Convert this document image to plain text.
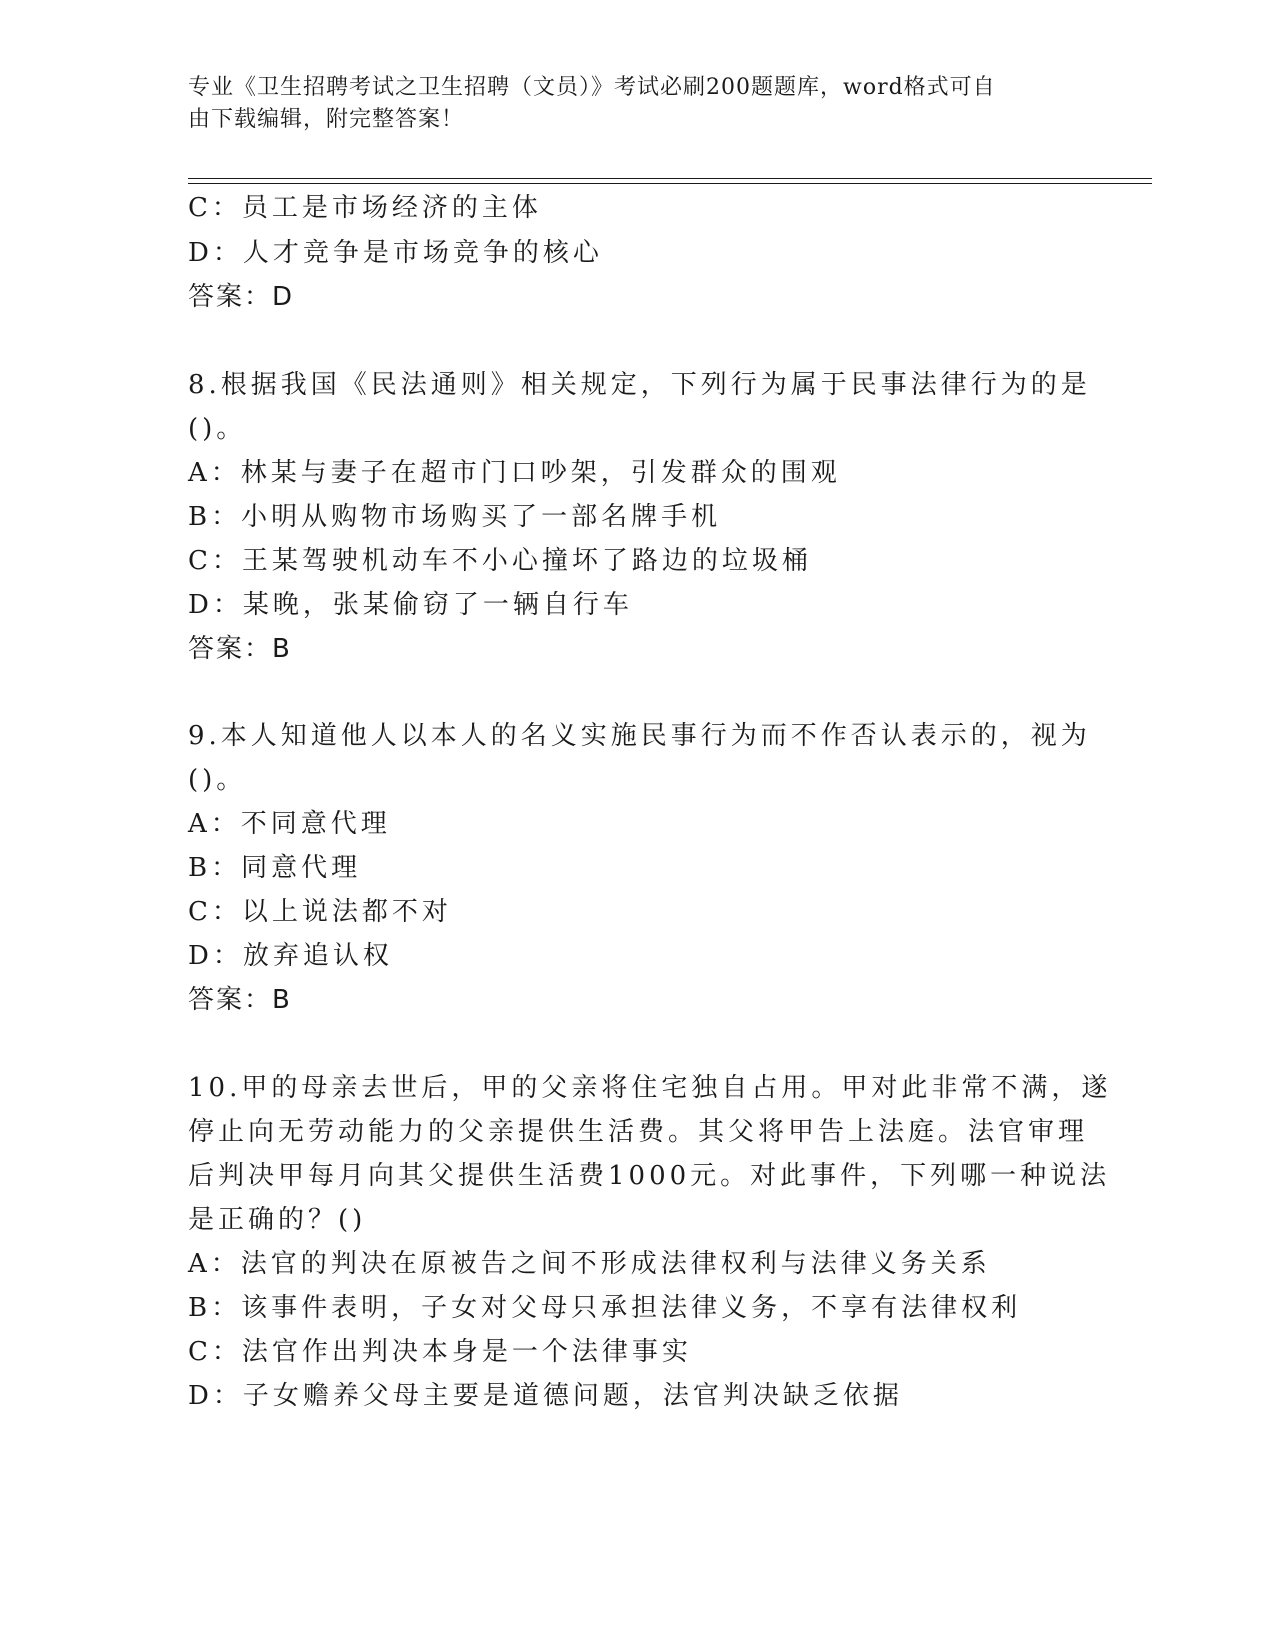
专业《卫生招聘考试之卫生招聘（文员）》考试必刷200题题库，word格式可自
由下载编辑，附完整答案！
C：员工是市场经济的主体
D：人才竞争是市场竞争的核心
答案：D
8.根据我国《民法通则》相关规定，下列行为属于民事法律行为的是
()。
A：林某与妻子在超市门口吵架，引发群众的围观
B：小明从购物市场购买了一部名牌手机
C：王某驾驶机动车不小心撞坏了路边的垃圾桶
D：某晚，张某偷窃了一辆自行车
答案：B
9.本人知道他人以本人的名义实施民事行为而不作否认表示的，视为
()。
A：不同意代理
B：同意代理
C：以上说法都不对
D：放弃追认权
答案：B
10.甲的母亲去世后，甲的父亲将住宅独自占用。甲对此非常不满，遂
停止向无劳动能力的父亲提供生活费。其父将甲告上法庭。法官审理
后判决甲每月向其父提供生活费1000元。对此事件，下列哪一种说法
是正确的？()
A：法官的判决在原被告之间不形成法律权利与法律义务关系
B：该事件表明，子女对父母只承担法律义务，不享有法律权利
C：法官作出判决本身是一个法律事实
D：子女赡养父母主要是道德问题，法官判决缺乏依据
